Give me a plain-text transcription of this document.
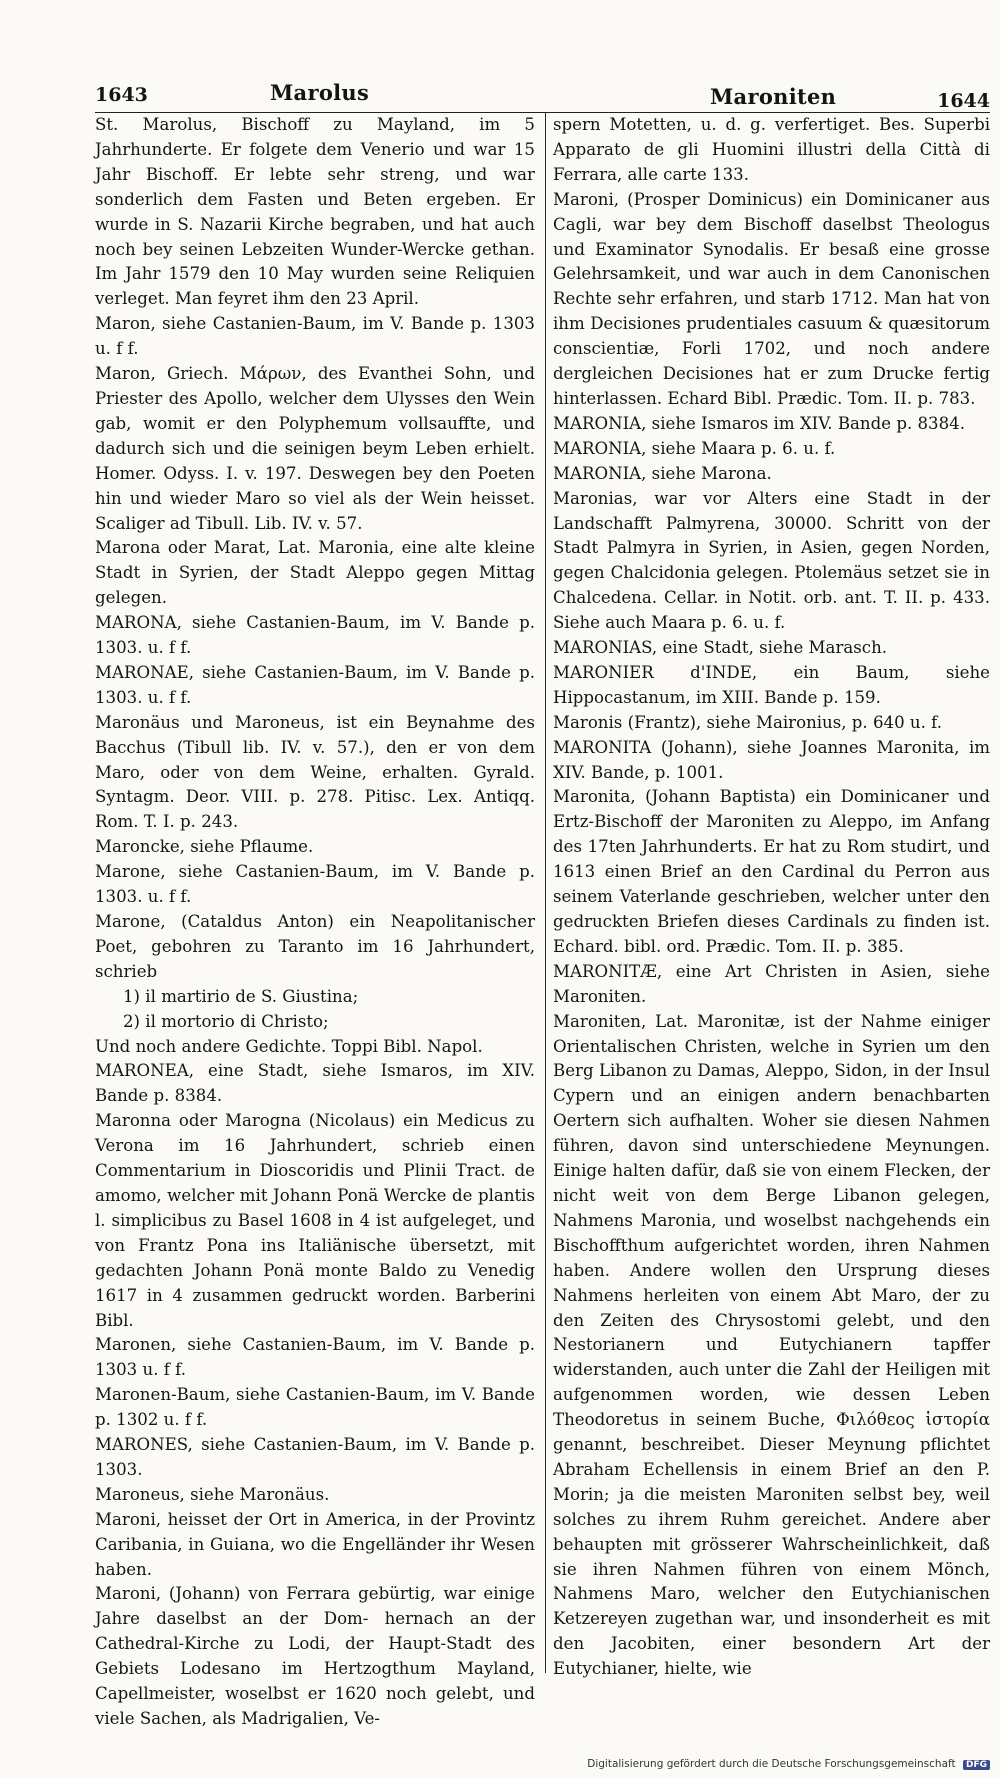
1643	Marolus	Maroniten	1644

St. Marolus, Bischoff zu Mayland, im 5 Jahrhunderte. Er folgete dem Venerio und war 15 Jahr Bischoff. Er lebte sehr streng, und war sonderlich dem Fasten und Beten ergeben. Er wurde in S. Nazarii Kirche begraben, und hat auch noch bey seinen Lebzeiten Wunder-Wercke gethan. Im Jahr 1579 den 10 May wurden seine Reliquien verleget. Man feyret ihm den 23 April.

Maron, siehe Castanien-Baum, im V. Bande p. 1303 u. f f.

Maron, Griech. Μάρων, des Evanthei Sohn, und Priester des Apollo, welcher dem Ulysses den Wein gab, womit er den Polyphemum vollsauffte, und dadurch sich und die seinigen beym Leben erhielt. Homer. Odyss. I. v. 197. Deswegen bey den Poeten hin und wieder Maro so viel als der Wein heisset. Scaliger ad Tibull. Lib. IV. v. 57.

Marona oder Marat, Lat. Maronia, eine alte kleine Stadt in Syrien, der Stadt Aleppo gegen Mittag gelegen.

MARONA, siehe Castanien-Baum, im V. Bande p. 1303. u. f f.

MARONAE, siehe Castanien-Baum, im V. Bande p. 1303. u. f f.

Maronäus und Maroneus, ist ein Beynahme des Bacchus (Tibull lib. IV. v. 57.), den er von dem Maro, oder von dem Weine, erhalten. Gyrald. Syntagm. Deor. VIII. p. 278. Pitisc. Lex. Antiqq. Rom. T. I. p. 243.

Maroncke, siehe Pflaume.

Marone, siehe Castanien-Baum, im V. Bande p. 1303. u. f f.

Marone, (Cataldus Anton) ein Neapolitanischer Poet, gebohren zu Taranto im 16 Jahrhundert, schrieb

1) il martirio de S. Giustina;

2) il mortorio di Christo;

Und noch andere Gedichte. Toppi Bibl. Napol.

MARONEA, eine Stadt, siehe Ismaros, im XIV. Bande p. 8384.

Maronna oder Marogna (Nicolaus) ein Medicus zu Verona im 16 Jahrhundert, schrieb einen Commentarium in Dioscoridis und Plinii Tract. de amomo, welcher mit Johann Ponä Wercke de plantis l. simplicibus zu Basel 1608 in 4 ist aufgeleget, und von Frantz Pona ins Italiänische übersetzt, mit gedachten Johann Ponä monte Baldo zu Venedig 1617 in 4 zusammen gedruckt worden. Barberini Bibl.

Maronen, siehe Castanien-Baum, im V. Bande p. 1303 u. f f.

Maronen-Baum, siehe Castanien-Baum, im V. Bande p. 1302 u. f f.

MARONES, siehe Castanien-Baum, im V. Bande p. 1303.

Maroneus, siehe Maronäus.

Maroni, heisset der Ort in America, in der Provintz Caribania, in Guiana, wo die Engelländer ihr Wesen haben.

Maroni, (Johann) von Ferrara gebürtig, war einige Jahre daselbst an der Dom- hernach an der Cathedral-Kirche zu Lodi, der Haupt-Stadt des Gebiets Lodesano im Hertzogthum Mayland, Capellmeister, woselbst er 1620 noch gelebt, und viele Sachen, als Madrigalien, Ve-

spern Motetten, u. d. g. verfertiget. Bes. Superbi Apparato de gli Huomini illustri della Città di Ferrara, alle carte 133.

Maroni, (Prosper Dominicus) ein Dominicaner aus Cagli, war bey dem Bischoff daselbst Theologus und Examinator Synodalis. Er besaß eine grosse Gelehrsamkeit, und war auch in dem Canonischen Rechte sehr erfahren, und starb 1712. Man hat von ihm Decisiones prudentiales casuum & quæsitorum conscientiæ, Forli 1702, und noch andere dergleichen Decisiones hat er zum Drucke fertig hinterlassen. Echard Bibl. Prædic. Tom. II. p. 783.

MARONIA, siehe Ismaros im XIV. Bande p. 8384.

MARONIA, siehe Maara p. 6. u. f.

MARONIA, siehe Marona.

Maronias, war vor Alters eine Stadt in der Landschafft Palmyrena, 30000. Schritt von der Stadt Palmyra in Syrien, in Asien, gegen Norden, gegen Chalcidonia gelegen. Ptolemäus setzet sie in Chalcedena. Cellar. in Notit. orb. ant. T. II. p. 433. Siehe auch Maara p. 6. u. f.

MARONIAS, eine Stadt, siehe Marasch.

MARONIER d'INDE, ein Baum, siehe Hippocastanum, im XIII. Bande p. 159.

Maronis (Frantz), siehe Maironius, p. 640 u. f.

MARONITA (Johann), siehe Joannes Maronita, im XIV. Bande, p. 1001.

Maronita, (Johann Baptista) ein Dominicaner und Ertz-Bischoff der Maroniten zu Aleppo, im Anfang des 17ten Jahrhunderts. Er hat zu Rom studirt, und 1613 einen Brief an den Cardinal du Perron aus seinem Vaterlande geschrieben, welcher unter den gedruckten Briefen dieses Cardinals zu finden ist. Echard. bibl. ord. Prædic. Tom. II. p. 385.

MARONITÆ, eine Art Christen in Asien, siehe Maroniten.

Maroniten, Lat. Maronitæ, ist der Nahme einiger Orientalischen Christen, welche in Syrien um den Berg Libanon zu Damas, Aleppo, Sidon, in der Insul Cypern und an einigen andern benachbarten Oertern sich aufhalten. Woher sie diesen Nahmen führen, davon sind unterschiedene Meynungen. Einige halten dafür, daß sie von einem Flecken, der nicht weit von dem Berge Libanon gelegen, Nahmens Maronia, und woselbst nachgehends ein Bischoffthum aufgerichtet worden, ihren Nahmen haben. Andere wollen den Ursprung dieses Nahmens herleiten von einem Abt Maro, der zu den Zeiten des Chrysostomi gelebt, und den Nestorianern und Eutychianern tapffer widerstanden, auch unter die Zahl der Heiligen mit aufgenommen worden, wie dessen Leben Theodoretus in seinem Buche, Φιλόθεος ἱστορία genannt, beschreibet. Dieser Meynung pflichtet Abraham Echellensis in einem Brief an den P. Morin; ja die meisten Maroniten selbst bey, weil solches zu ihrem Ruhm gereichet. Andere aber behaupten mit grösserer Wahrscheinlichkeit, daß sie ihren Nahmen führen von einem Mönch, Nahmens Maro, welcher den Eutychianischen Ketzereyen zugethan war, und insonderheit es mit den Jacobiten, einer besondern Art der Eutychianer, hielte, wie

Digitalisierung gefördert durch die Deutsche Forschungsgemeinschaft DFG
